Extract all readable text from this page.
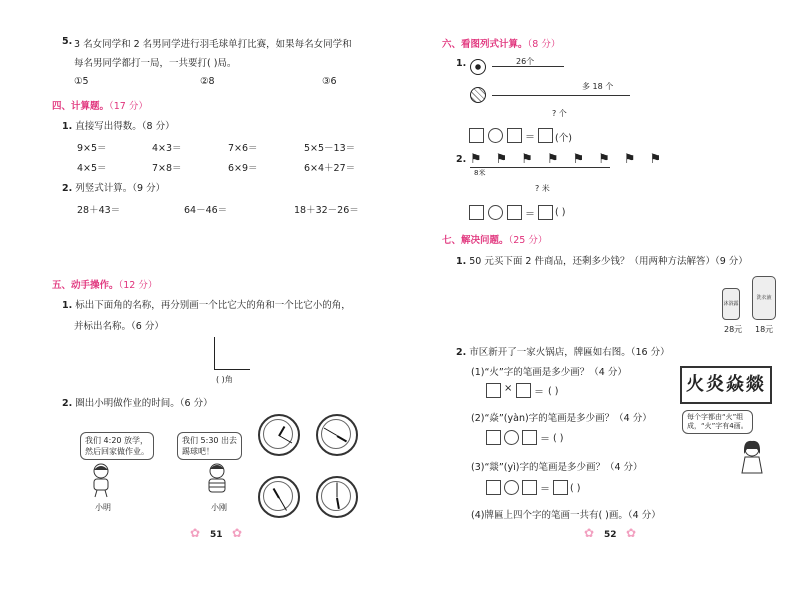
5. 3 名女同学和 2 名男同学进行羽毛球单打比赛，如果每名女同学和
每名男同学都打一局，一共要打( )局。
①5	②8	③6
四、计算题。（17 分）
1. 直接写出得数。（8 分）
9×5＝	4×3＝	7×6＝	5×5－13＝
4×5＝	7×8＝	6×9＝	6×4＋27＝
2. 列竖式计算。（9 分）
28＋43＝	64－46＝	18＋32－26＝
五、动手操作。（12 分）
1. 标出下面角的名称，再分别画一个比它大的角和一个比它小的角，
并标出名称。（6 分）
( )角
2. 圈出小明做作业的时间。（6 分）
我们 4:20 放学，
然后回家做作业。
我们 5:30 出去
踢球吧！
小明	小刚
✿ 51 ✿
六、看图列式计算。（8 分）
1.	26个
多 18 个
? 个
＝ (个)
2. ⚑⚑⚑⚑⚑⚑⚑⚑
8米
? 米
＝ ( )
七、解决问题。（25 分）
1. 50 元买下面 2 件商品，还剩多少钱？（用两种方法解答）（9 分）
沐浴露
洗衣液
28元 18元
2. 市区新开了一家火锅店，牌匾如右图。（16 分）
(1)“火”字的笔画是多少画？（4 分）
× ＝ ( )
(2)“焱”(yàn)字的笔画是多少画？（4 分）
＝ ( )
(3)“燚”(yì)字的笔画是多少画？（4 分）
＝ ( )
(4)牌匾上四个字的笔画一共有( )画。（4 分）
火炎焱燚
每个字都由“火”组
成，“火”字有4画。
✿ 52 ✿
